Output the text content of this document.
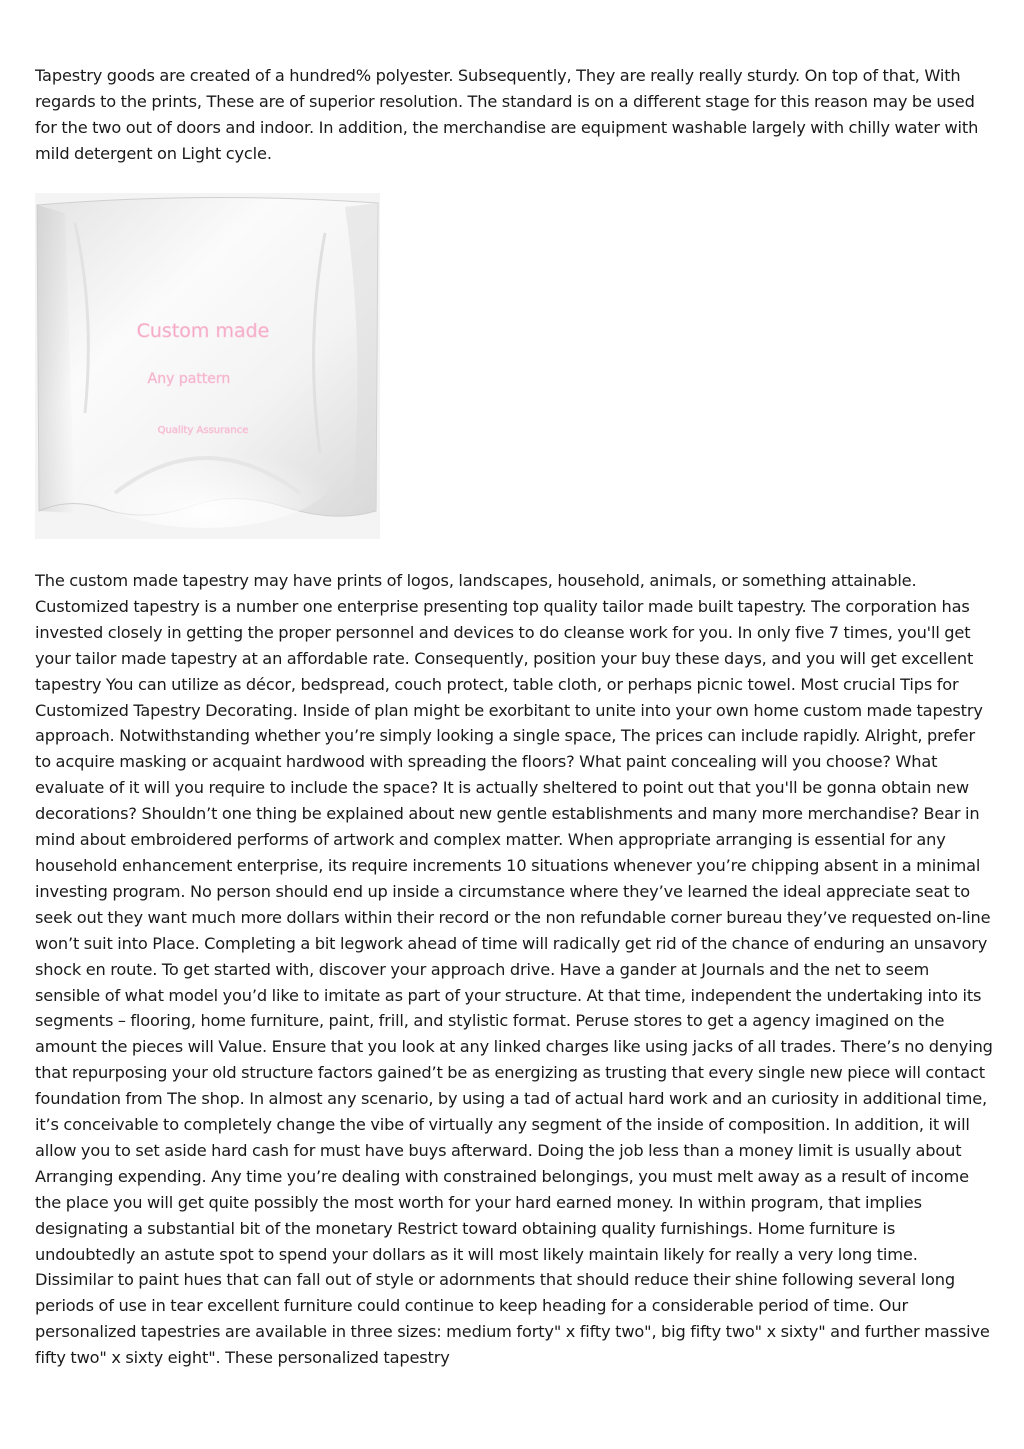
Tapestry goods are created of a hundred% polyester. Subsequently, They are really really sturdy. On top of that, With regards to the prints, These are of superior resolution. The standard is on a different stage for this reason may be used for the two out of doors and indoor. In addition, the merchandise are equipment washable largely with chilly water with mild detergent on Light cycle.

The custom made tapestry may have prints of logos, landscapes, household, animals, or something attainable. Customized tapestry is a number one enterprise presenting top quality tailor made built tapestry. The corporation has invested closely in getting the proper personnel and devices to do cleanse work for you. In only five 7 times, you'll get your tailor made tapestry at an affordable rate. Consequently, position your buy these days, and you will get excellent tapestry You can utilize as décor, bedspread, couch protect, table cloth, or perhaps picnic towel. Most crucial Tips for Customized Tapestry Decorating. Inside of plan might be exorbitant to unite into your own home custom made tapestry approach. Notwithstanding whether you’re simply looking a single space, The prices can include rapidly. Alright, prefer to acquire masking or acquaint hardwood with spreading the floors? What paint concealing will you choose? What evaluate of it will you require to include the space? It is actually sheltered to point out that you'll be gonna obtain new decorations? Shouldn’t one thing be explained about new gentle establishments and many more merchandise? Bear in mind about embroidered performs of artwork and complex matter. When appropriate arranging is essential for any household enhancement enterprise, its require increments 10 situations whenever you’re chipping absent in a minimal investing program. No person should end up inside a circumstance where they’ve learned the ideal appreciate seat to seek out they want much more dollars within their record or the non refundable corner bureau they’ve requested on-line won’t suit into Place. Completing a bit legwork ahead of time will radically get rid of the chance of enduring an unsavory shock en route. To get started with, discover your approach drive. Have a gander at Journals and the net to seem sensible of what model you’d like to imitate as part of your structure. At that time, independent the undertaking into its segments – flooring, home furniture, paint, frill, and stylistic format. Peruse stores to get a agency imagined on the amount the pieces will Value. Ensure that you look at any linked charges like using jacks of all trades. There’s no denying that repurposing your old structure factors gained’t be as energizing as trusting that every single new piece will contact foundation from The shop. In almost any scenario, by using a tad of actual hard work and an curiosity in additional time, it’s conceivable to completely change the vibe of virtually any segment of the inside of composition. In addition, it will allow you to set aside hard cash for must have buys afterward. Doing the job less than a money limit is usually about Arranging expending. Any time you’re dealing with constrained belongings, you must melt away as a result of income the place you will get quite possibly the most worth for your hard earned money. In within program, that implies designating a substantial bit of the monetary Restrict toward obtaining quality furnishings. Home furniture is undoubtedly an astute spot to spend your dollars as it will most likely maintain likely for really a very long time. Dissimilar to paint hues that can fall out of style or adornments that should reduce their shine following several long periods of use in tear excellent furniture could continue to keep heading for a considerable period of time. Our personalized tapestries are available in three sizes: medium forty" x fifty two", big fifty two" x sixty" and further massive fifty two" x sixty eight". These personalized tapestry

Custom made
Any pattern
Quality Assurance
